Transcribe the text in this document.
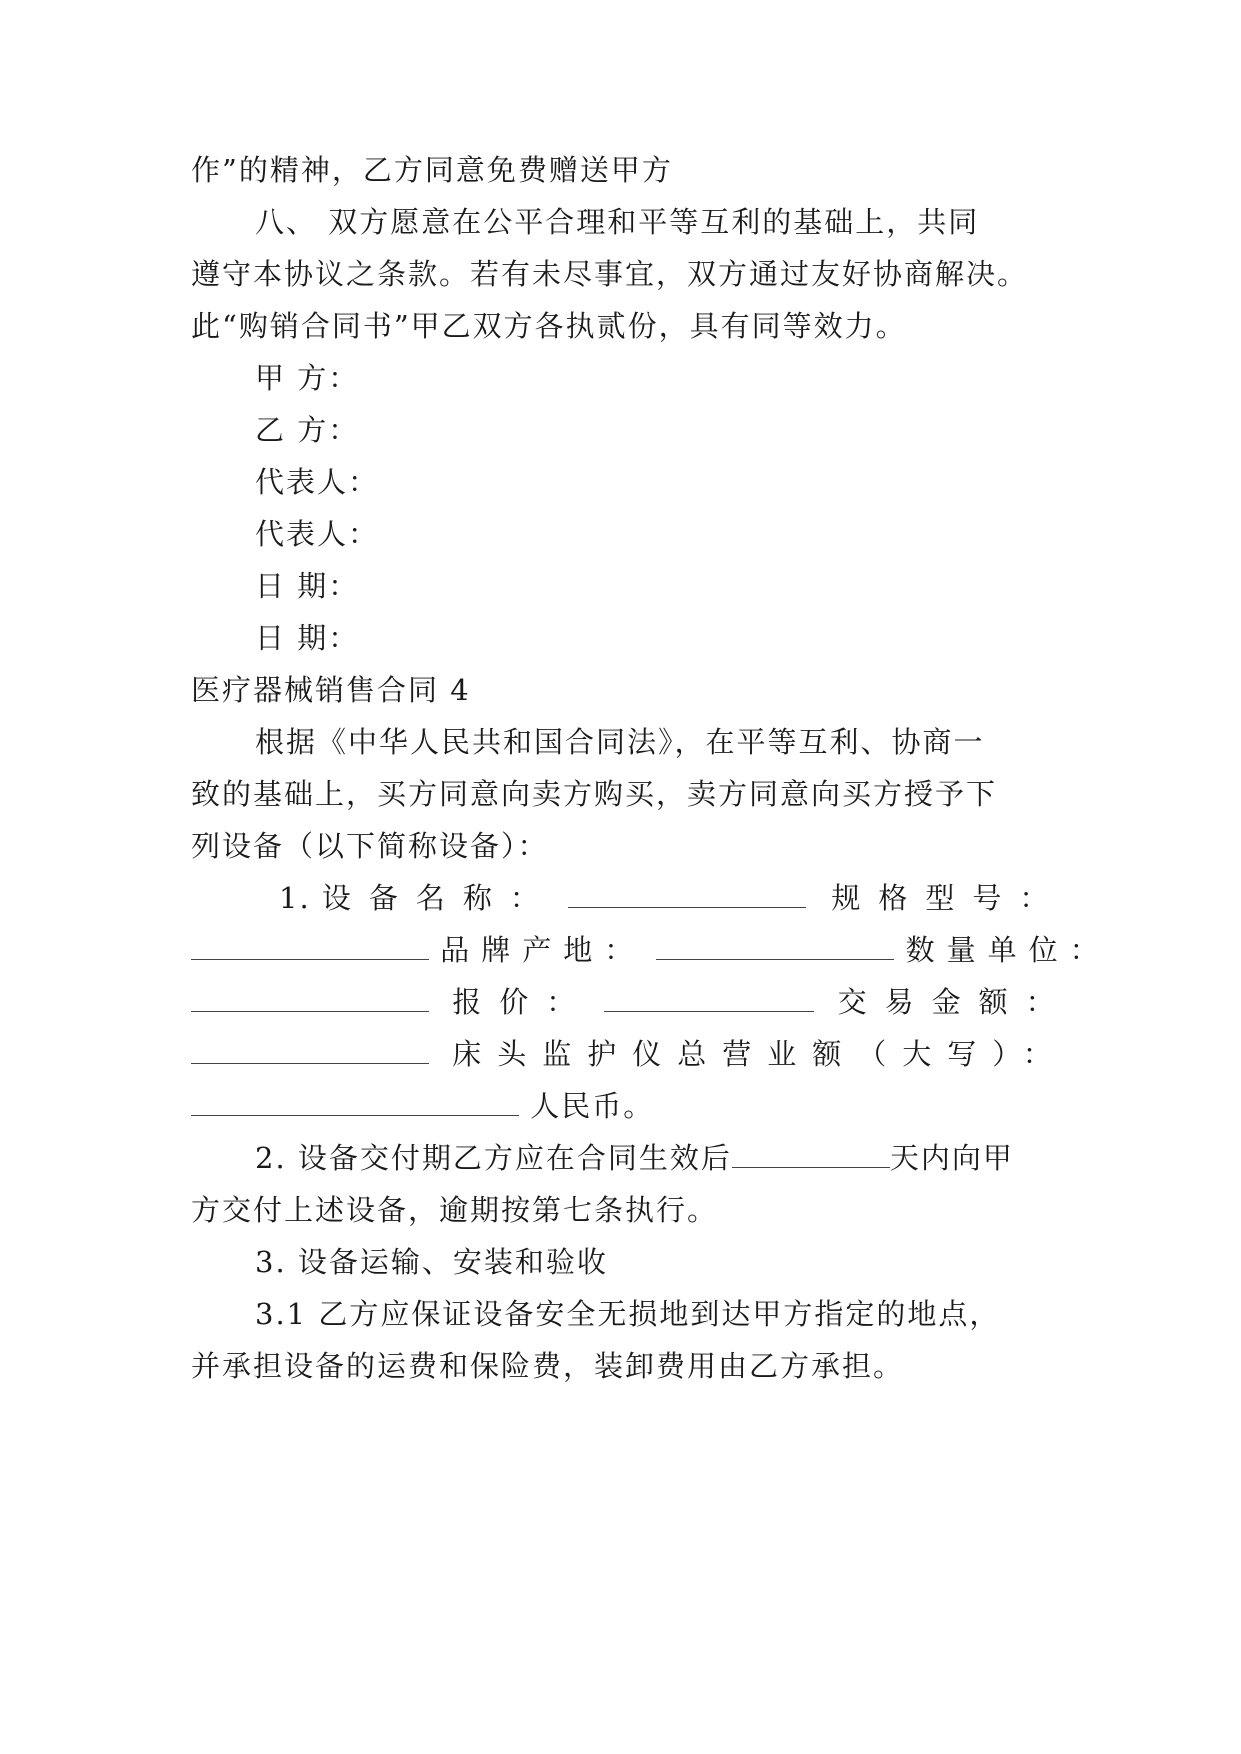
作”的精神，乙方同意免费赠送甲方
八、 双方愿意在公平合理和平等互利的基础上，共同
遵守本协议之条款。若有未尽事宜，双方通过友好协商解决。
此“购销合同书”甲乙双方各执贰份，具有同等效力。
甲 方：
乙 方：
代表人：
代表人：
日 期：
日 期：
医疗器械销售合同 4
根据《中华人民共和国合同法》，在平等互利、协商一
致的基础上，买方同意向卖方购买，卖方同意向买方授予下
列设备（以下简称设备）：
1. 设备名称：	规格型号：
品牌产地：	数量单位：
报价：	交易金额：
床头监护仪总营业额（大写）：
人民币。
2. 设备交付期乙方应在合同生效后	天内向甲
方交付上述设备，逾期按第七条执行。
3. 设备运输、安装和验收
3.1 乙方应保证设备安全无损地到达甲方指定的地点，
并承担设备的运费和保险费，装卸费用由乙方承担。
